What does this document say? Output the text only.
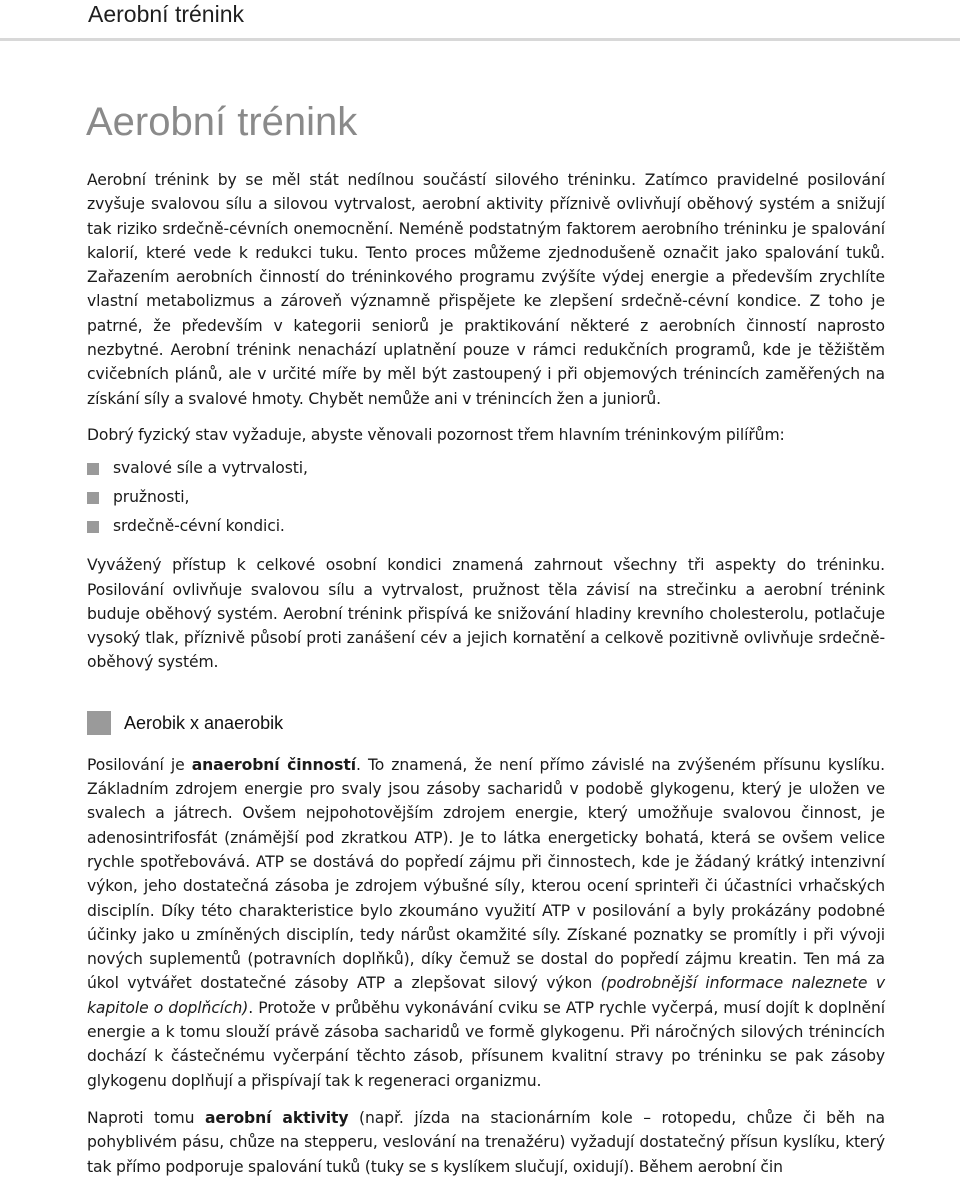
Aerobní trénink
Aerobní trénink

Aerobní trénink by se měl stát nedílnou součástí silového tréninku. Zatímco pravidelné posilování zvyšuje svalovou sílu a silovou vytrvalost, aerobní aktivity příznivě ovlivňují oběhový systém a snižují tak riziko srdečně-cévních onemocnění. Neméně podstatným faktorem aerobního tréninku je spalování kalorií, které vede k redukci tuku. Tento proces můžeme zjednodušeně označit jako spalování tuků. Zařazením aerobních činností do tréninkového programu zvýšíte výdej energie a především zrychlíte vlastní metabolizmus a zároveň významně přispějete ke zlepšení srdečně-cévní kondice. Z toho je patrné, že především v kategorii seniorů je praktikování některé z aerobních činností naprosto nezbytné. Aerobní trénink nenachází uplatnění pouze v rámci redukčních programů, kde je těžištěm cvičebních plánů, ale v určité míře by měl být zastoupený i při objemových trénincích zaměřených na získání síly a svalové hmoty. Chybět nemůže ani v trénincích žen a juniorů.

Dobrý fyzický stav vyžaduje, abyste věnovali pozornost třem hlavním tréninkovým pilířům:

svalové síle a vytrvalosti,
pružnosti,
srdečně-cévní kondici.

Vyvážený přístup k celkové osobní kondici znamená zahrnout všechny tři aspekty do tréninku. Posilování ovlivňuje svalovou sílu a vytrvalost, pružnost těla závisí na strečinku a aerobní trénink buduje oběhový systém. Aerobní trénink přispívá ke snižování hladiny krevního cholesterolu, potlačuje vysoký tlak, příznivě působí proti zanášení cév a jejich kornatění a celkově pozitivně ovlivňuje srdečně-oběhový systém.

Aerobik x anaerobik

Posilování je anaerobní činností. To znamená, že není přímo závislé na zvýšeném přísunu kyslíku. Základním zdrojem energie pro svaly jsou zásoby sacharidů v podobě glykogenu, který je uložen ve svalech a játrech. Ovšem nejpohotovějším zdrojem energie, který umožňuje svalovou činnost, je adenosintrifosfát (známější pod zkratkou ATP). Je to látka energeticky bohatá, která se ovšem velice rychle spotřebovává. ATP se dostává do popředí zájmu při činnostech, kde je žádaný krátký intenzivní výkon, jeho dostatečná zásoba je zdrojem výbušné síly, kterou ocení sprinteři či účastníci vrhačských disciplín. Díky této charakteristice bylo zkoumáno využití ATP v posilování a byly prokázány podobné účinky jako u zmíněných disciplín, tedy nárůst okamžité síly. Získané poznatky se promítly i při vývoji nových suplementů (potravních doplňků), díky čemuž se dostal do popředí zájmu kreatin. Ten má za úkol vytvářet dostatečné zásoby ATP a zlepšovat silový výkon (podrobnější informace naleznete v kapitole o doplňcích). Protože v průběhu vykonávání cviku se ATP rychle vyčerpá, musí dojít k doplnění energie a k tomu slouží právě zásoba sacharidů ve formě glykogenu. Při náročných silových trénincích dochází k částečnému vyčerpání těchto zásob, přísunem kvalitní stravy po tréninku se pak zásoby glykogenu doplňují a přispívají tak k regeneraci organizmu.

Naproti tomu aerobní aktivity (např. jízda na stacionárním kole – rotopedu, chůze či běh na pohyblivém pásu, chůze na stepperu, veslování na trenažéru) vyžadují dostatečný přísun kyslíku, který tak přímo podporuje spalování tuků (tuky se s kyslíkem slučují, oxidují). Během aerobní čin
